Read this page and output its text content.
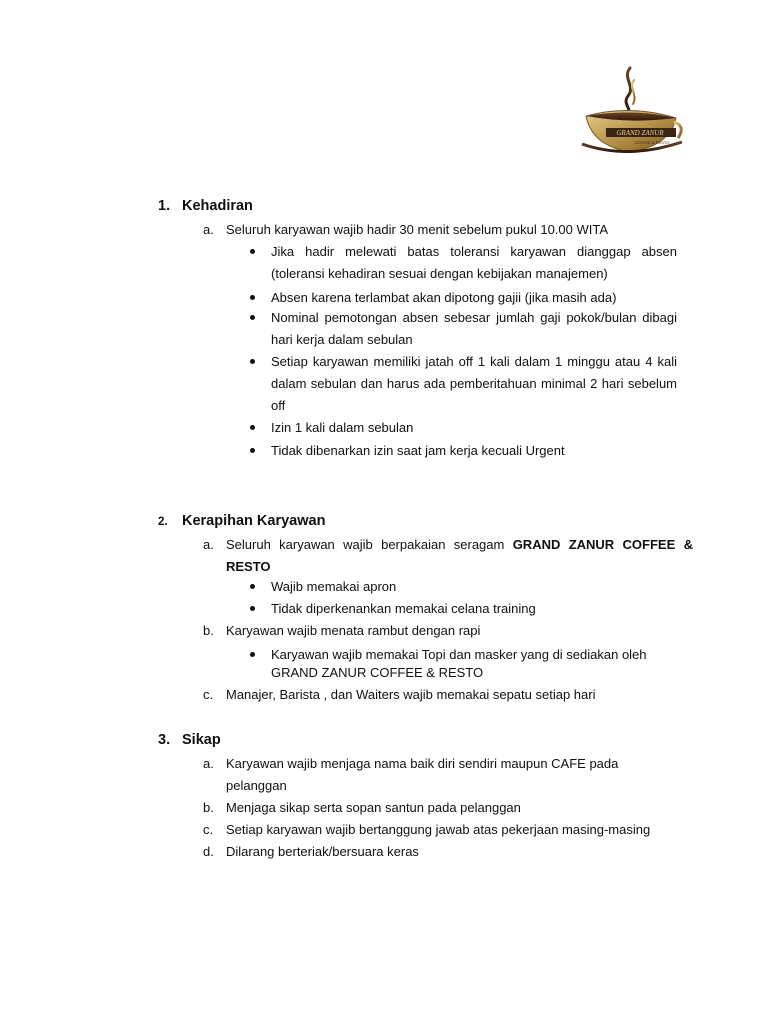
GRAND ZANUR
COFFEE & RESTO
1. Kehadiran
a. Seluruh karyawan wajib hadir 30 menit sebelum pukul 10.00 WITA
Jika hadir melewati batas toleransi karyawan dianggap absen (toleransi kehadiran sesuai dengan kebijakan manajemen)
Absen karena terlambat akan dipotong gajii (jika masih ada)
Nominal pemotongan absen sebesar jumlah gaji pokok/bulan dibagi hari kerja dalam sebulan
Setiap karyawan memiliki jatah off 1 kali dalam 1 minggu atau 4 kali dalam sebulan dan harus ada pemberitahuan minimal 2 hari sebelum off
Izin 1 kali dalam sebulan
Tidak dibenarkan izin saat jam kerja kecuali Urgent
2. Kerapihan Karyawan
a. Seluruh karyawan wajib berpakaian seragam GRAND ZANUR COFFEE & RESTO
Wajib memakai apron
Tidak diperkenankan memakai celana training
b. Karyawan wajib menata rambut dengan rapi
Karyawan wajib memakai Topi dan masker yang di sediakan oleh GRAND ZANUR COFFEE & RESTO
c. Manajer, Barista , dan Waiters wajib memakai sepatu setiap hari
3. Sikap
a. Karyawan wajib menjaga nama baik diri sendiri maupun CAFE pada pelanggan
b. Menjaga sikap serta sopan santun pada pelanggan
c. Setiap karyawan wajib bertanggung jawab atas pekerjaan masing-masing
d. Dilarang berteriak/bersuara keras
